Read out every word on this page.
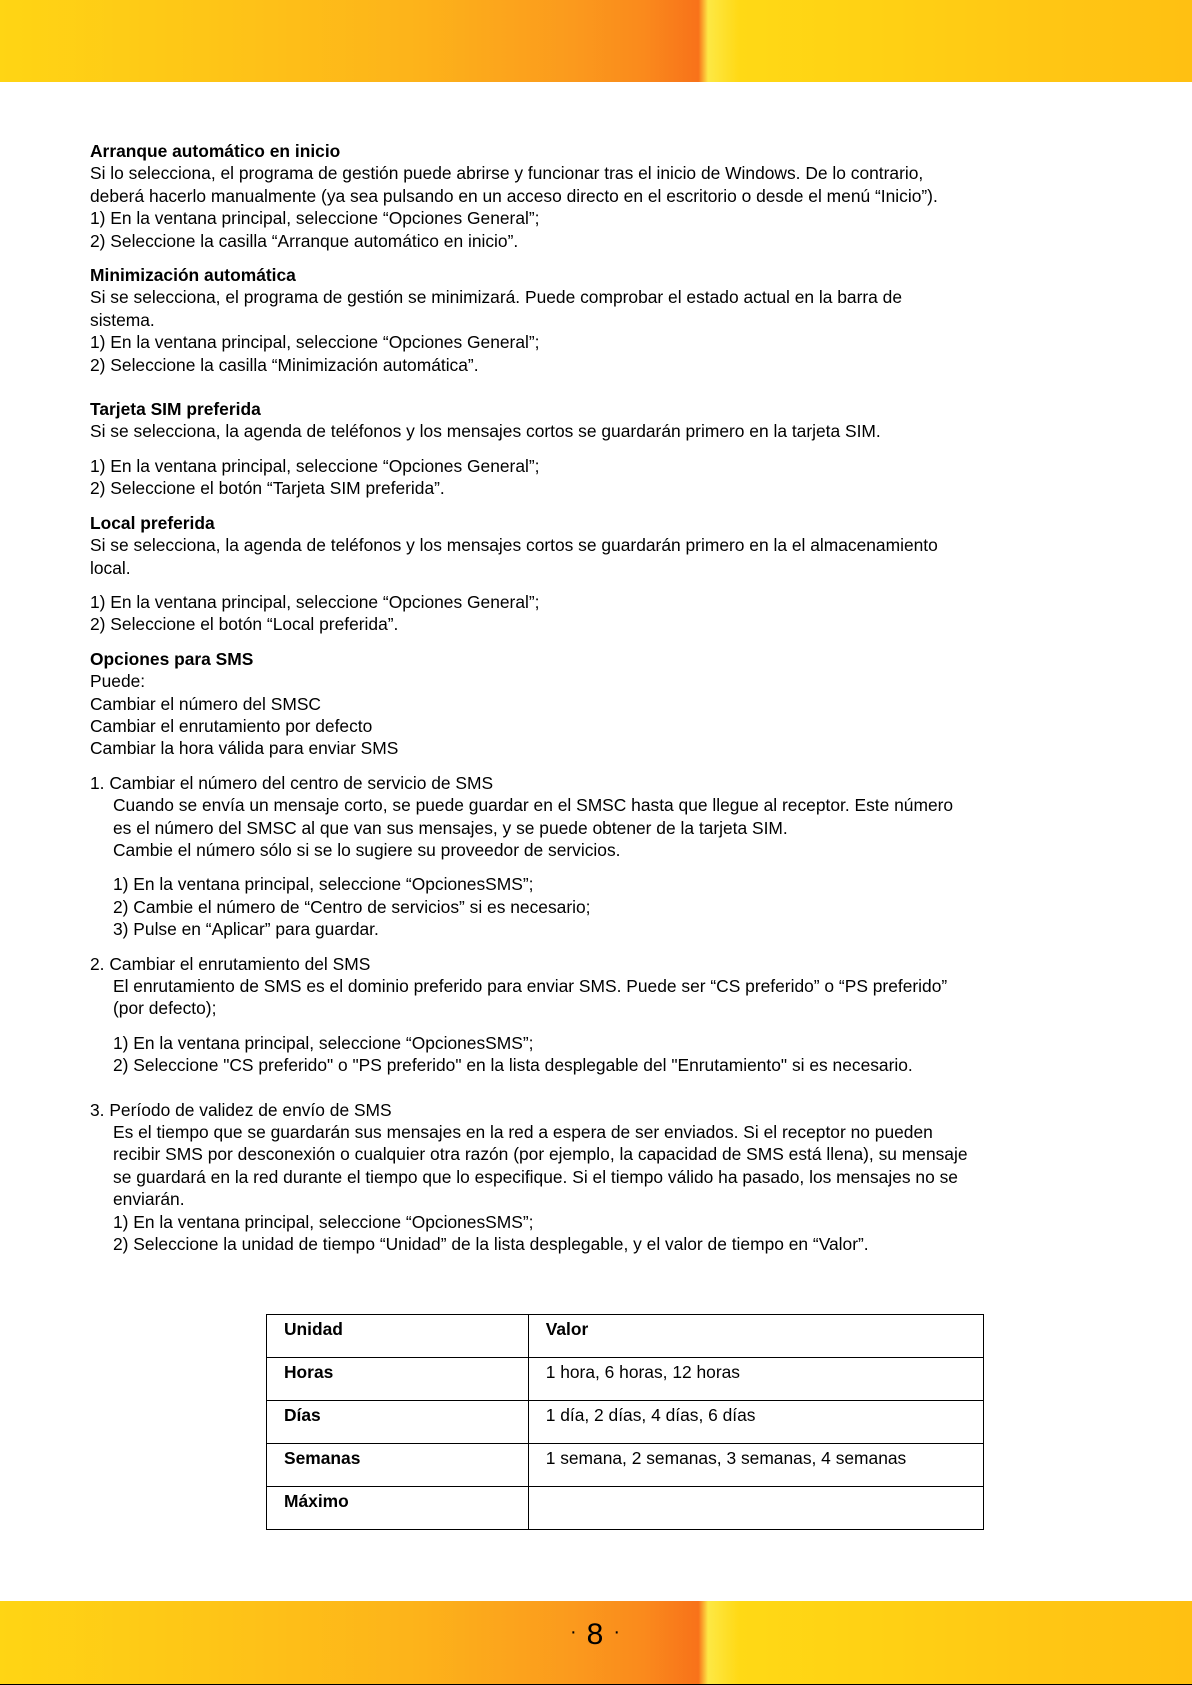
Arranque automático en inicio

Si lo selecciona, el programa de gestión puede abrirse y funcionar tras el inicio de Windows. De lo contrario,

deberá hacerlo manualmente (ya sea pulsando en un acceso directo en el escritorio o desde el menú “Inicio”).

1) En la ventana principal, seleccione “Opciones General”;

2) Seleccione la casilla “Arranque automático en inicio”.

Minimización automática

Si se selecciona, el programa de gestión se minimizará. Puede comprobar el estado actual en la barra de

sistema.

1) En la ventana principal, seleccione “Opciones General”;

2) Seleccione la casilla “Minimización automática”.

Tarjeta SIM preferida

Si se selecciona, la agenda de teléfonos y los mensajes cortos se guardarán primero en la tarjeta SIM.

1) En la ventana principal, seleccione “Opciones General”;

2) Seleccione el botón “Tarjeta SIM preferida”.

Local preferida

Si se selecciona, la agenda de teléfonos y los mensajes cortos se guardarán primero en la el almacenamiento

local.

1) En la ventana principal, seleccione “Opciones General”;

2) Seleccione el botón “Local preferida”.

Opciones para SMS

Puede:

Cambiar el número del SMSC

Cambiar el enrutamiento por defecto

Cambiar la hora válida para enviar SMS

1. Cambiar el número del centro de servicio de SMS

Cuando se envía un mensaje corto, se puede guardar en el SMSC hasta que llegue al receptor. Este número

es el número del SMSC al que van sus mensajes, y se puede obtener de la tarjeta SIM.

Cambie el número sólo si se lo sugiere su proveedor de servicios.

1) En la ventana principal, seleccione “OpcionesSMS”;

2) Cambie el número de “Centro de servicios” si es necesario;

3) Pulse en “Aplicar” para guardar.

2. Cambiar el enrutamiento del SMS

El enrutamiento de SMS es el dominio preferido para enviar SMS. Puede ser “CS preferido” o “PS preferido”

(por defecto);

1) En la ventana principal, seleccione “OpcionesSMS”;

2) Seleccione "CS preferido" o "PS preferido" en la lista desplegable del "Enrutamiento" si es necesario.

3. Período de validez de envío de SMS

Es el tiempo que se guardarán sus mensajes en la red a espera de ser enviados. Si el receptor no pueden

recibir SMS por desconexión o cualquier otra razón (por ejemplo, la capacidad de SMS está llena), su mensaje

se guardará en la red durante el tiempo que lo especifique. Si el tiempo válido ha pasado, los mensajes no se

enviarán.

1) En la ventana principal, seleccione “OpcionesSMS”;

2) Seleccione la unidad de tiempo “Unidad” de la lista desplegable, y el valor de tiempo en “Valor”.

Unidad	Valor
Horas	1 hora, 6 horas, 12 horas
Días	1 día, 2 días, 4 días, 6 días
Semanas	1 semana, 2 semanas, 3 semanas, 4 semanas
Máximo	
· 8 ·
